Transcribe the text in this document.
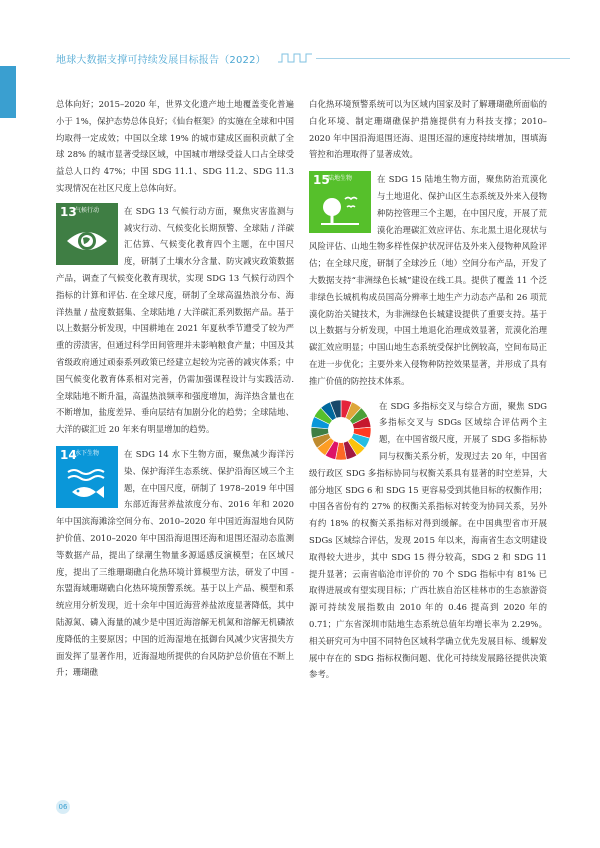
地球大数据支撑可持续发展目标报告（2022）

总体向好；2015–2020 年，世界文化遗产地土地覆盖变化普遍小于 1%，保护态势总体良好；《仙台框架》的实施在全球和中国均取得一定成效；中国以全球 19% 的城市建成区面积贡献了全球 28% 的城市显著受绿区域，中国城市增绿受益人口占全球受益总人口约 47%；中国 SDG 11.1、SDG 11.2、SDG 11.3 实现情况在社区尺度上总体向好。

13
气候行动	在 SDG 13 气候行动方面，聚焦灾害监测与减灾行动、气候变化长期预警、全球陆 / 洋碳汇估算、气候变化教育四个主题，在中国尺度，研制了土壤水分含量、防灾减灾政策数据产品，调查了气候变化教育现状，实现 SDG 13 气候行动四个指标的计算和评估. 在全球尺度，研制了全球高温热浪分布、海洋热量 / 盐度数据集、全球陆地 / 大洋碳汇系列数据产品。基于以上数据分析发现，中国耕地在 2021 年夏秋季节遭受了较为严重的涝渍害，但通过科学田间管理并未影响粮食产量；中国及其省级政府通过顽泰系列政策已经建立起较为完善的减灾体系；中国气候变化教育体系相对完善，仍需加强课程设计与实践活动. 全球陆地不断升温，高温热浪频率和强度增加，海洋热含量也在不断增加，盐度差异、垂向层结有加剧分化的趋势；全球陆地、大洋的碳汇近 20 年来有明显增加的趋势。

14
水下生物	在 SDG 14 水下生物方面，聚焦减少海洋污染、保护海洋生态系统、保护沿海区域三个主题，在中国尺度，研制了 1978–2019 年中国东部近海营养盐浓度分布、2016 年和 2020 年中国滨海滩涂空间分布、2010–2020 年中国近海湿地台风防护价值、2010–2020 年中国沿海退围还海和退围还湿动态监测等数据产品，提出了绿潮生物量多源遥感反演模型；在区域尺度，提出了三维珊瑚礁白化热环境计算模型方法，研发了中国 - 东盟海域珊瑚礁白化热环境预警系统。基于以上产品、模型和系统应用分析发现，近十余年中国近海营养盐浓度显著降低，其中陆源氮、磷入海量的减少是中国近海溶解无机氮和溶解无机磷浓度降低的主要原因；中国的近海湿地在抵御台风减少灾害损失方面发挥了显著作用，近海湿地所提供的台风防护总价值在不断上升；珊瑚礁

白化热环境预警系统可以为区域内国家及时了解珊瑚礁所面临的白化环境、制定珊瑚礁保护措施提供有力科技支撑；2010–2020 年中国沿海退围还海、退围还湿的速度持续增加，围填海管控和治理取得了显著成效。

15
陆地生物	在 SDG 15 陆地生物方面，聚焦防治荒漠化与土地退化、保护山区生态系统及外来入侵物种防控管理三个主题，在中国尺度，开展了荒漠化治理碳汇效应评估、东北黑土退化现状与风险评估、山地生物多样性保护状况评估及外来入侵物种风险评估；在全球尺度，研制了全球沙丘（地）空间分布产品，开发了大数据支持“非洲绿色长城”建设在线工具。提供了覆盖 11 个泛非绿色长城机构成员国高分辨率土地生产力动态产品和 26 项荒漠化防治关键技术，为非洲绿色长城建设提供了重要支持。基于以上数据与分析发现，中国土地退化治理成效显著，荒漠化治理碳汇效应明显；中国山地生态系统受保护比例较高，空间布局正在进一步优化；主要外来入侵物种防控效果显著，并形成了具有推广价值的防控技术体系。

在 SDG 多指标交叉与综合方面，聚焦 SDG 多指标交叉与 SDGs 区域综合评估两个主题，在中国省级尺度，开展了 SDG 多指标协同与权衡关系分析，发现过去 20 年，中国省级行政区 SDG 多指标协同与权衡关系具有显著的时空差异，大部分地区 SDG 6 和 SDG 15 更容易受到其他目标的权衡作用；中国各省份有约 27% 的权衡关系指标对转变为协同关系，另外有约 18% 的权衡关系指标对得到缓解。在中国典型省市开展 SDGs 区域综合评估，发现 2015 年以来，海南省生态文明建设取得较大进步，其中 SDG 15 得分较高，SDG 2 和 SDG 11 提升显著；云南省临沧市评价的 70 个 SDG 指标中有 81% 已取得进展或有望实现目标；广西壮族自治区桂林市的生态旅游资源可持续发展指数由 2010 年的 0.46 提高到 2020 年的 0.71；广东省深圳市陆地生态系统总值年均增长率为 2.29%。相关研究可为中国不同特色区域科学确立优先发展目标、缓解发展中存在的 SDG 指标权衡问题、优化可持续发展路径提供决策参考。

06
